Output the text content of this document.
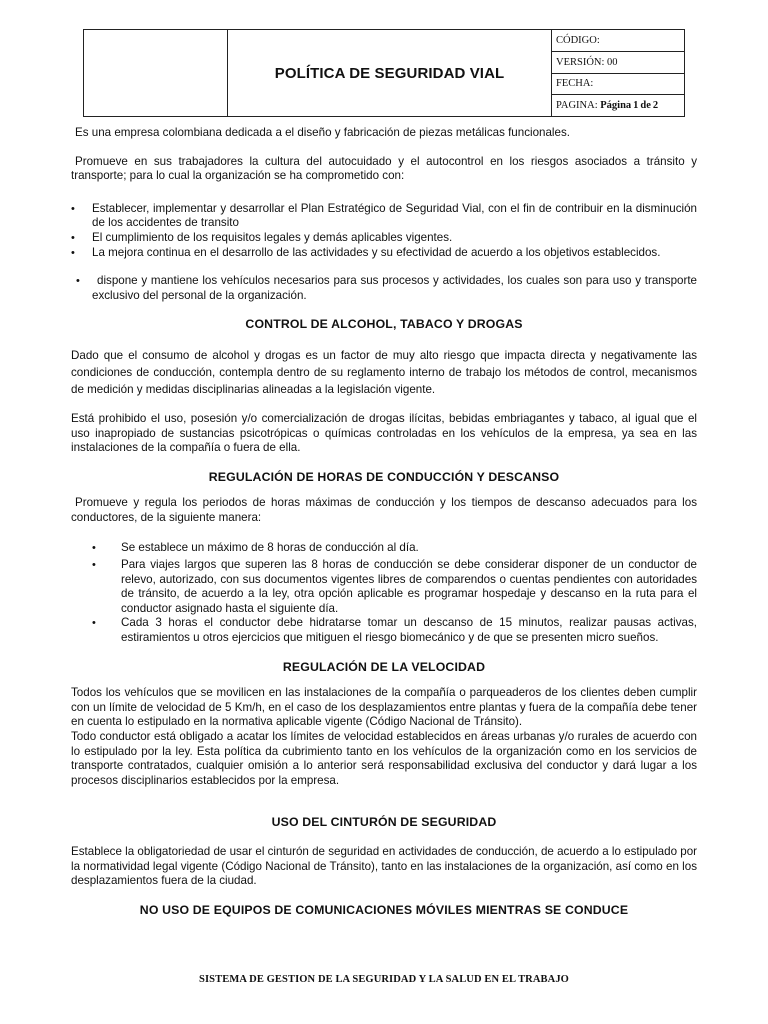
POLÍTICA DE SEGURIDAD VIAL
CÓDIGO:
VERSIÓN: 00
FECHA:
PAGINA:
Página 1 de 2

Es una empresa colombiana dedicada a el diseño y fabricación de piezas metálicas funcionales.

Promueve en sus trabajadores la cultura del autocuidado y el autocontrol en los riesgos asociados a tránsito y transporte; para lo cual la organización se ha comprometido con:

• Establecer, implementar y desarrollar el Plan Estratégico de Seguridad Vial, con el fin de contribuir en la disminución de los accidentes de transito
• El cumplimiento de los requisitos legales y demás aplicables vigentes.
• La mejora continua en el desarrollo de las actividades y su efectividad de acuerdo a los objetivos establecidos.
• dispone y mantiene los vehículos necesarios para sus procesos y actividades, los cuales son para uso y transporte exclusivo del personal de la organización.
CONTROL DE ALCOHOL, TABACO Y DROGAS

Dado que el consumo de alcohol y drogas es un factor de muy alto riesgo que impacta directa y negativamente las condiciones de conducción, contempla dentro de su reglamento interno de trabajo los métodos de control, mecanismos de medición y medidas disciplinarias alineadas a la legislación vigente.

Está prohibido el uso, posesión y/o comercialización de drogas ilícitas, bebidas embriagantes y tabaco, al igual que el uso inapropiado de sustancias psicotrópicas o químicas controladas en los vehículos de la empresa, ya sea en las instalaciones de la compañía o fuera de ella.

REGULACIÓN DE HORAS DE CONDUCCIÓN Y DESCANSO

Promueve y regula los periodos de horas máximas de conducción y los tiempos de descanso adecuados para los conductores, de la siguiente manera:

• Se establece un máximo de 8 horas de conducción al día.
• Para viajes largos que superen las 8 horas de conducción se debe considerar disponer de un conductor de relevo, autorizado, con sus documentos vigentes libres de comparendos o cuentas pendientes con autoridades de tránsito, de acuerdo a la ley, otra opción aplicable es programar hospedaje y descanso en la ruta para el conductor asignado hasta el siguiente día.
• Cada 3 horas el conductor debe hidratarse tomar un descanso de 15 minutos, realizar pausas activas, estiramientos u otros ejercicios que mitiguen el riesgo biomecánico y de que se presenten micro sueños.
REGULACIÓN DE LA VELOCIDAD

Todos los vehículos que se movilicen en las instalaciones de la compañía o parqueaderos de los clientes deben cumplir con un límite de velocidad de 5 Km/h, en el caso de los desplazamientos entre plantas y fuera de la compañía debe tener en cuenta lo estipulado en la normativa aplicable vigente (Código Nacional de Tránsito).

Todo conductor está obligado a acatar los límites de velocidad establecidos en áreas urbanas y/o rurales de acuerdo con lo estipulado por la ley. Esta política da cubrimiento tanto en los vehículos de la organización como en los servicios de transporte contratados, cualquier omisión a lo anterior será responsabilidad exclusiva del conductor y dará lugar a los procesos disciplinarios establecidos por la empresa.

USO DEL CINTURÓN DE SEGURIDAD

Establece la obligatoriedad de usar el cinturón de seguridad en actividades de conducción, de acuerdo a lo estipulado por la normatividad legal vigente (Código Nacional de Tránsito), tanto en las instalaciones de la organización, así como en los desplazamientos fuera de la ciudad.

NO USO DE EQUIPOS DE COMUNICACIONES MÓVILES MIENTRAS SE CONDUCE
SISTEMA DE GESTION DE LA SEGURIDAD Y LA SALUD EN EL TRABAJO
